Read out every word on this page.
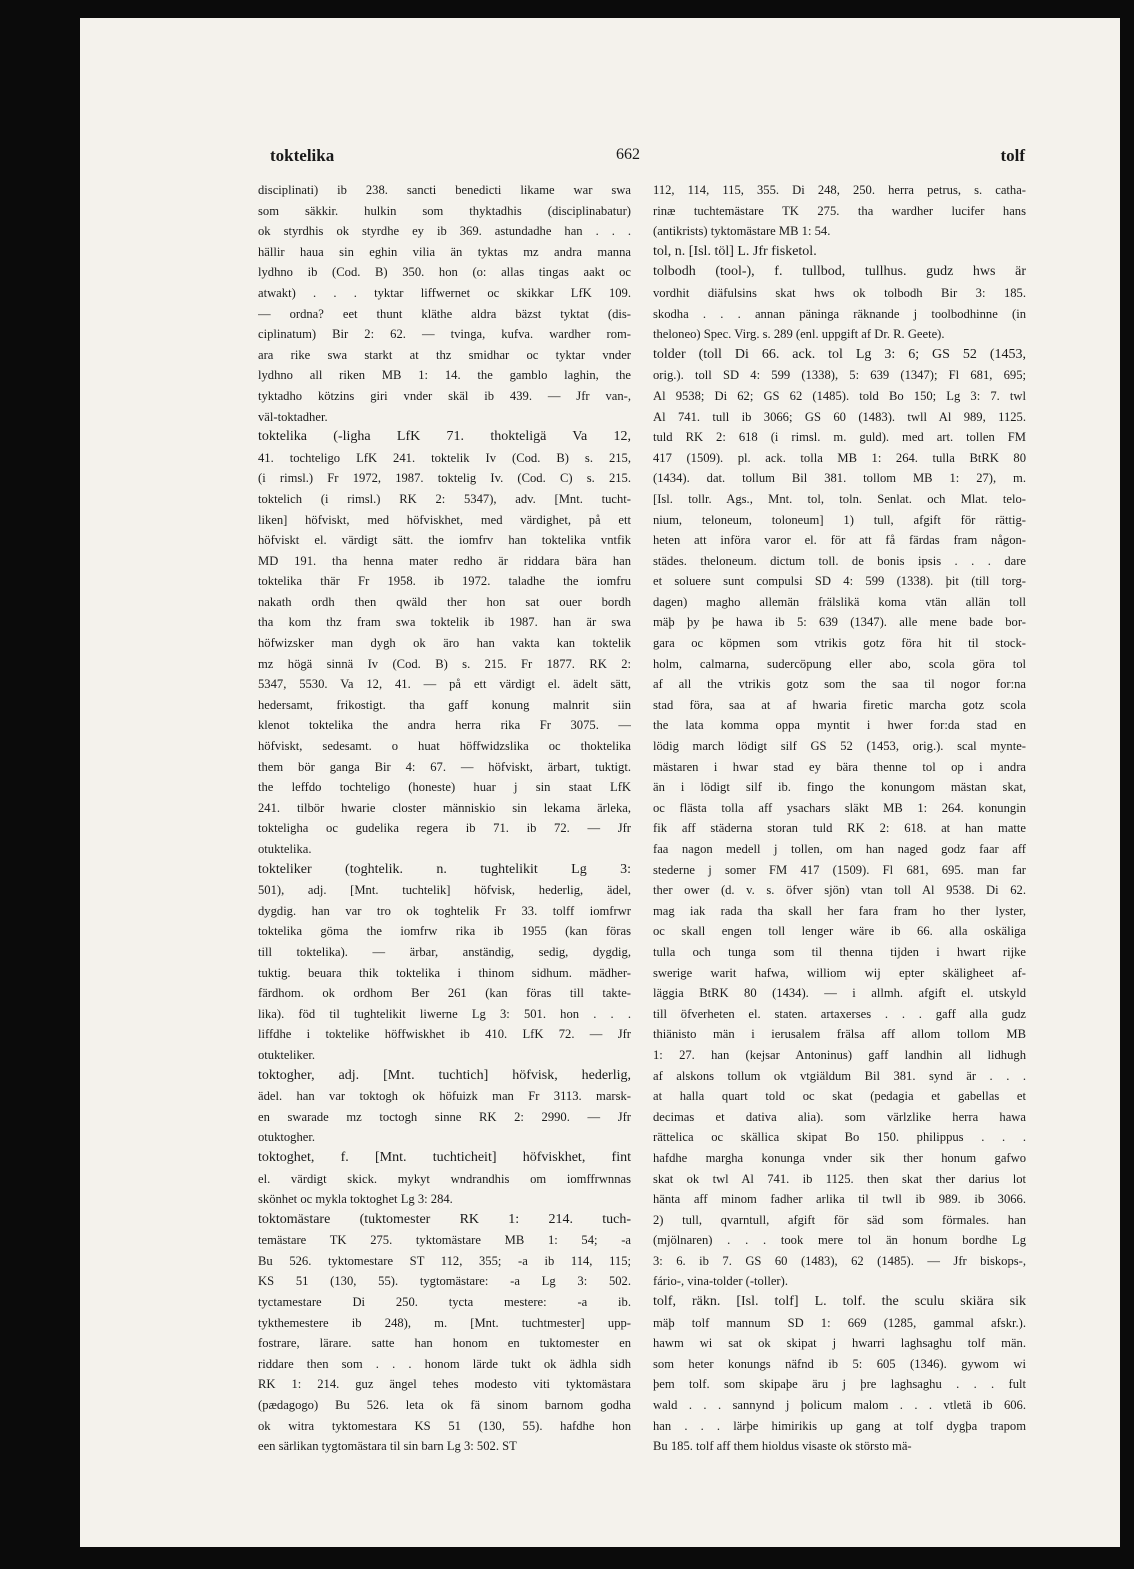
toktelika	662	tolf
disciplinati) ib 238. sancti benedicti likame war swa
som säkkir. hulkin som thyktadhis (disciplinabatur)
ok styrdhis ok styrdhe ey ib 369. astundadhe han . . .
hällir haua sin eghin vilia än tyktas mz andra manna
lydhno ib (Cod. B) 350. hon (o: allas tingas aakt oc
atwakt) . . . tyktar liffwernet oc skikkar LfK 109.
— ordna? eet thunt kläthe aldra bäzst tyktat (dis-
ciplinatum) Bir 2: 62. — tvinga, kufva. wardher rom-
ara rike swa starkt at thz smidhar oc tyktar vnder
lydhno all riken MB 1: 14. the gamblo laghin, the
tyktadho kötzins giri vnder skäl ib 439. — Jfr van-,
väl-toktadher.
toktelika (-ligha LfK 71. thokteligä Va 12,
41. tochteligo LfK 241. toktelik Iv (Cod. B) s. 215,
(i rimsl.) Fr 1972, 1987. toktelig Iv. (Cod. C) s. 215.
toktelich (i rimsl.) RK 2: 5347), adv. [Mnt. tucht-
liken] höfviskt, med höfviskhet, med värdighet, på ett
höfviskt el. värdigt sätt. the iomfrv han toktelika vntfik
MD 191. tha henna mater redho är riddara bära han
toktelika thär Fr 1958. ib 1972. taladhe the iomfru
nakath ordh then qwäld ther hon sat ouer bordh
tha kom thz fram swa toktelik ib 1987. han är swa
höfwizsker man dygh ok äro han vakta kan toktelik
mz högä sinnä Iv (Cod. B) s. 215. Fr 1877. RK 2:
5347, 5530. Va 12, 41. — på ett värdigt el. ädelt sätt,
hedersamt, frikostigt. tha gaff konung malnrit siin
klenot toktelika the andra herra rika Fr 3075. —
höfviskt, sedesamt. o huat höffwidzslika oc thoktelika
them bör ganga Bir 4: 67. — höfviskt, ärbart, tuktigt.
the leffdo tochteligo (honeste) huar j sin staat LfK
241. tilbör hwarie closter människio sin lekama ärleka,
tokteligha oc gudelika regera ib 71. ib 72. — Jfr
otuktelika.
tokteliker (toghtelik. n. tughtelikit Lg 3:
501), adj. [Mnt. tuchtelik] höfvisk, hederlig, ädel,
dygdig. han var tro ok toghtelik Fr 33. tolff iomfrwr
toktelika göma the iomfrw rika ib 1955 (kan föras
till toktelika). — ärbar, anständig, sedig, dygdig,
tuktig. beuara thik toktelika i thinom sidhum. mädher-
färdhom. ok ordhom Ber 261 (kan föras till takte-
lika). föd til tughtelikit liwerne Lg 3: 501. hon . . .
liffdhe i toktelike höffwiskhet ib 410. LfK 72. — Jfr
otukteliker.
toktogher, adj. [Mnt. tuchtich] höfvisk, hederlig,
ädel. han var toktogh ok höfuizk man Fr 3113. marsk-
en swarade mz toctogh sinne RK 2: 2990. — Jfr
otuktogher.
toktoghet, f. [Mnt. tuchticheit] höfviskhet, fint
el. värdigt skick. mykyt wndrandhis om iomffrwnnas
skönhet oc mykla toktoghet Lg 3: 284.
toktomästare (tuktomester RK 1: 214. tuch-
temästare TK 275. tyktomästare MB 1: 54; -a
Bu 526. tyktomestare ST 112, 355; -a ib 114, 115;
KS 51 (130, 55). tygtomästare: -a Lg 3: 502.
tyctamestare Di 250. tycta mestere: -a ib.
tykthemestere ib 248), m. [Mnt. tuchtmester] upp-
fostrare, lärare. satte han honom en tuktomester en
riddare then som . . . honom lärde tukt ok ädhla sidh
RK 1: 214. guz ängel tehes modesto viti tyktomästara
(pædagogo) Bu 526. leta ok fä sinom barnom godha
ok witra tyktomestara KS 51 (130, 55). hafdhe hon
een särlikan tygtomästara til sin barn Lg 3: 502. ST
112, 114, 115, 355. Di 248, 250. herra petrus, s. catha-
rinæ tuchtemästare TK 275. tha wardher lucifer hans
(antikrists) tyktomästare MB 1: 54.
tol, n. [Isl. töl] L. Jfr fisketol.
tolbodh (tool-), f. tullbod, tullhus. gudz hws är
vordhit diäfulsins skat hws ok tolbodh Bir 3: 185.
skodha . . . annan päninga räknande j toolbodhinne (in
theloneo) Spec. Virg. s. 289 (enl. uppgift af Dr. R. Geete).
tolder (toll Di 66. ack. tol Lg 3: 6; GS 52 (1453,
orig.). toll SD 4: 599 (1338), 5: 639 (1347); Fl 681, 695;
Al 9538; Di 62; GS 62 (1485). told Bo 150; Lg 3: 7. twl
Al 741. tull ib 3066; GS 60 (1483). twll Al 989, 1125.
tuld RK 2: 618 (i rimsl. m. guld). med art. tollen FM
417 (1509). pl. ack. tolla MB 1: 264. tulla BtRK 80
(1434). dat. tollum Bil 381. tollom MB 1: 27), m.
[Isl. tollr. Ags., Mnt. tol, toln. Senlat. och Mlat. telo-
nium, teloneum, toloneum] 1) tull, afgift för rättig-
heten att införa varor el. för att få färdas fram någon-
städes. theloneum. dictum toll. de bonis ipsis . . . dare
et soluere sunt compulsi SD 4: 599 (1338). þit (till torg-
dagen) magho allemän frälslikä koma vtän allän toll
mäþ þy þe hawa ib 5: 639 (1347). alle mene bade bor-
gara oc köpmen som vtrikis gotz föra hit til stock-
holm, calmarna, sudercöpung eller abo, scola göra tol
af all the vtrikis gotz som the saa til nogor for:na
stad föra, saa at af hwaria firetic marcha gotz scola
the lata komma oppa myntit i hwer for:da stad en
lödig march lödigt silf GS 52 (1453, orig.). scal mynte-
mästaren i hwar stad ey bära thenne tol op i andra
än i lödigt silf ib. fingo the konungom mästan skat,
oc flästa tolla aff ysachars släkt MB 1: 264. konungin
fik aff städerna storan tuld RK 2: 618. at han matte
faa nagon medell j tollen, om han naged godz faar aff
stederne j somer FM 417 (1509). Fl 681, 695. man far
ther ower (d. v. s. öfver sjön) vtan toll Al 9538. Di 62.
mag iak rada tha skall her fara fram ho ther lyster,
oc skall engen toll lenger wäre ib 66. alla oskäliga
tulla och tunga som til thenna tijden i hwart rijke
swerige warit hafwa, williom wij epter skäligheet af-
läggia BtRK 80 (1434). — i allmh. afgift el. utskyld
till öfverheten el. staten. artaxerses . . . gaff alla gudz
thiänisto män i ierusalem frälsa aff allom tollom MB
1: 27. han (kejsar Antoninus) gaff landhin all lidhugh
af alskons tollum ok vtgiäldum Bil 381. synd är . . .
at halla quart told oc skat (pedagia et gabellas et
decimas et dativa alia). som värlzlike herra hawa
rättelica oc skällica skipat Bo 150. philippus . . .
hafdhe margha konunga vnder sik ther honum gafwo
skat ok twl Al 741. ib 1125. then skat ther darius lot
hänta aff minom fadher arlika til twll ib 989. ib 3066.
2) tull, qvarntull, afgift för säd som förmales. han
(mjölnaren) . . . took mere tol än honum bordhe Lg
3: 6. ib 7. GS 60 (1483), 62 (1485). — Jfr biskops-,
fário-, vina-tolder (-toller).
tolf, räkn. [Isl. tolf] L. tolf. the sculu skiära sik
mäþ tolf mannum SD 1: 669 (1285, gammal afskr.).
hawm wi sat ok skipat j hwarri laghsaghu tolf män.
som heter konungs näfnd ib 5: 605 (1346). gywom wi
þem tolf. som skipaþe äru j þre laghsaghu . . . fult
wald . . . sannynd j þolicum malom . . . vtletä ib 606.
han . . . lärþe himirikis up gang at tolf dygþa trapom
Bu 185. tolf aff them hioldus visaste ok störsto mä-
